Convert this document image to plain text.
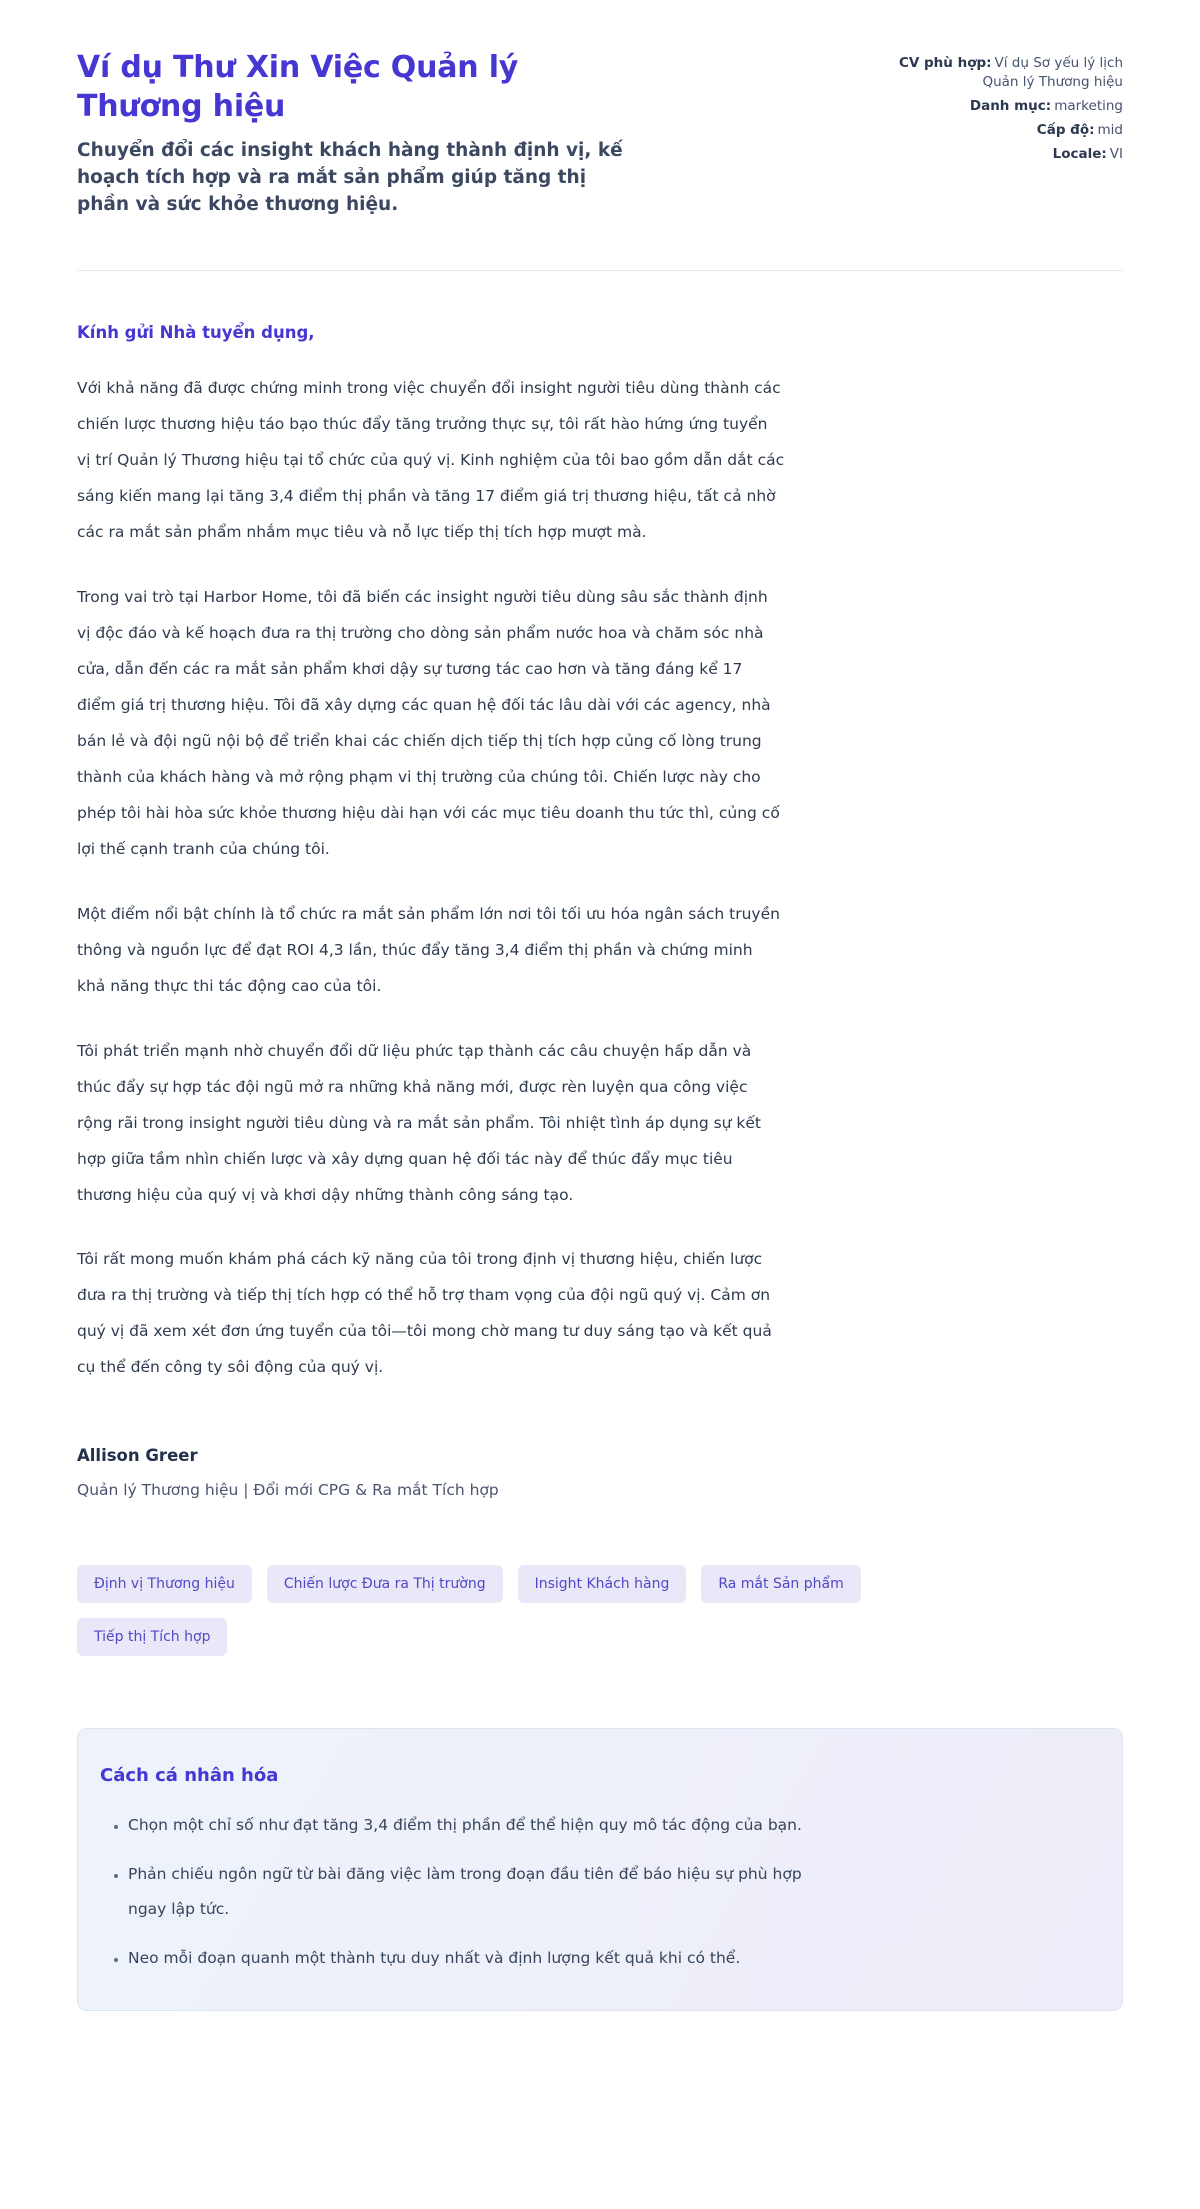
Ví dụ Thư Xin Việc Quản lý Thương hiệu
Chuyển đổi các insight khách hàng thành định vị, kế hoạch tích hợp và ra mắt sản phẩm giúp tăng thị phần và sức khỏe thương hiệu.
CV phù hợp: Ví dụ Sơ yếu lý lịch Quản lý Thương hiệu
Danh mục: marketing
Cấp độ: mid
Locale: VI
Kính gửi Nhà tuyển dụng,

Với khả năng đã được chứng minh trong việc chuyển đổi insight người tiêu dùng thành các chiến lược thương hiệu táo bạo thúc đẩy tăng trưởng thực sự, tôi rất hào hứng ứng tuyển vị trí Quản lý Thương hiệu tại tổ chức của quý vị. Kinh nghiệm của tôi bao gồm dẫn dắt các sáng kiến mang lại tăng 3,4 điểm thị phần và tăng 17 điểm giá trị thương hiệu, tất cả nhờ các ra mắt sản phẩm nhắm mục tiêu và nỗ lực tiếp thị tích hợp mượt mà.

Trong vai trò tại Harbor Home, tôi đã biến các insight người tiêu dùng sâu sắc thành định vị độc đáo và kế hoạch đưa ra thị trường cho dòng sản phẩm nước hoa và chăm sóc nhà cửa, dẫn đến các ra mắt sản phẩm khơi dậy sự tương tác cao hơn và tăng đáng kể 17 điểm giá trị thương hiệu. Tôi đã xây dựng các quan hệ đối tác lâu dài với các agency, nhà bán lẻ và đội ngũ nội bộ để triển khai các chiến dịch tiếp thị tích hợp củng cố lòng trung thành của khách hàng và mở rộng phạm vi thị trường của chúng tôi. Chiến lược này cho phép tôi hài hòa sức khỏe thương hiệu dài hạn với các mục tiêu doanh thu tức thì, củng cố lợi thế cạnh tranh của chúng tôi.

Một điểm nổi bật chính là tổ chức ra mắt sản phẩm lớn nơi tôi tối ưu hóa ngân sách truyền thông và nguồn lực để đạt ROI 4,3 lần, thúc đẩy tăng 3,4 điểm thị phần và chứng minh khả năng thực thi tác động cao của tôi.

Tôi phát triển mạnh nhờ chuyển đổi dữ liệu phức tạp thành các câu chuyện hấp dẫn và thúc đẩy sự hợp tác đội ngũ mở ra những khả năng mới, được rèn luyện qua công việc rộng rãi trong insight người tiêu dùng và ra mắt sản phẩm. Tôi nhiệt tình áp dụng sự kết hợp giữa tầm nhìn chiến lược và xây dựng quan hệ đối tác này để thúc đẩy mục tiêu thương hiệu của quý vị và khơi dậy những thành công sáng tạo.

Tôi rất mong muốn khám phá cách kỹ năng của tôi trong định vị thương hiệu, chiến lược đưa ra thị trường và tiếp thị tích hợp có thể hỗ trợ tham vọng của đội ngũ quý vị. Cảm ơn quý vị đã xem xét đơn ứng tuyển của tôi—tôi mong chờ mang tư duy sáng tạo và kết quả cụ thể đến công ty sôi động của quý vị.

Allison Greer
Quản lý Thương hiệu | Đổi mới CPG & Ra mắt Tích hợp
Định vị Thương hiệu	Chiến lược Đưa ra Thị trường	Insight Khách hàng	Ra mắt Sản phẩm
Tiếp thị Tích hợp
Cách cá nhân hóa
• Chọn một chỉ số như đạt tăng 3,4 điểm thị phần để thể hiện quy mô tác động của bạn.
• Phản chiếu ngôn ngữ từ bài đăng việc làm trong đoạn đầu tiên để báo hiệu sự phù hợp ngay lập tức.
• Neo mỗi đoạn quanh một thành tựu duy nhất và định lượng kết quả khi có thể.
